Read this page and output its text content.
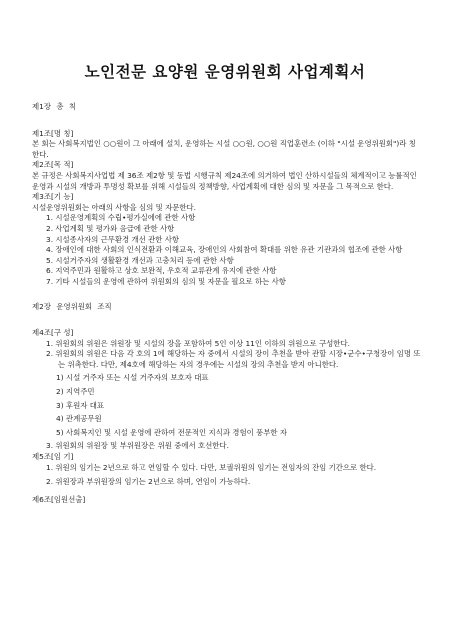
노인전문 요양원 운영위원회 사업계획서

제1장 총 칙

제1조[명 칭]

본 회는 사회복지법인 ○○원이 그 아래에 설치, 운영하는 시설 ○○원, ○○원 직업훈련소 (이하 "시설 운영위원회")라 칭한다.

제2조[목 적]

본 규정은 사회복지사업법 제 36조 제2항 및 동법 시행규칙 제24조에 의거하여 법인 산하시설들의 체계적이고 능률적인 운영과 시설의 개방과 투명성 확보를 위해 시설들의 정책방향, 사업계획에 대한 심의 및 자문을 그 목적으로 한다.

제3조[기 능]

시설운영위원회는 아래의 사항을 심의 및 자문한다.

1. 시설운영계획의 수립•평가실에에 관한 사항
2. 사업계획 및 평가와 음급에 관한 사항
3. 시설종사자의 근무환경 개선 관한 사항
4. 장애인에 대한 사회의 인식전환과 이해교육, 장애인의 사회참여 확대를 위한 유관 기관과의 협조에 관한 사항
5. 시설거주자의 생활환경 개선과 고충처리 등에 관한 사항
6. 지역주민과 원활하고 상호 보완적, 우호적 교류관계 유지에 관한 사항
7. 기타 시설들의 운영에 관하여 위원회의 심의 및 자문을 필요로 하는 사항

제2장 운영위원회 조직

제4조[구 성]

1. 위원회의 위원은 위원장 및 시설의 장을 포함하여 5인 이상 11인 이하의 위원으로 구성한다.
2. 위원회의 위원은 다음 각 호의 1에 해당하는 자 중에서 시설의 장이 추천을 받아 관할 시장•군수•구청장이 임명 또는 위촉한다. 다만, 제4호에 해당하는 자의 경우에는 시설의 장의 추천을 받지 아니한다.
1) 시설 거주자 또는 시설 거주자의 보호자 대표
2) 지역주민
3) 후원자 대표
4) 관계공무원
5) 사회복지인 및 시설 운영에 관하여 전문적인 지식과 경험이 풍부한 자
3. 위원회의 위원장 및 부위원장은 위원 중에서 호선한다.

제5조[임 기]

1. 위원의 임기는 2년으로 하고 연임할 수 있다. 다만, 보궐위원의 임기는 전임자의 잔임 기간으로 한다.
2. 위원장과 부위원장의 임기는 2년으로 하며, 연임이 가능하다.

제6조[임원선출]
